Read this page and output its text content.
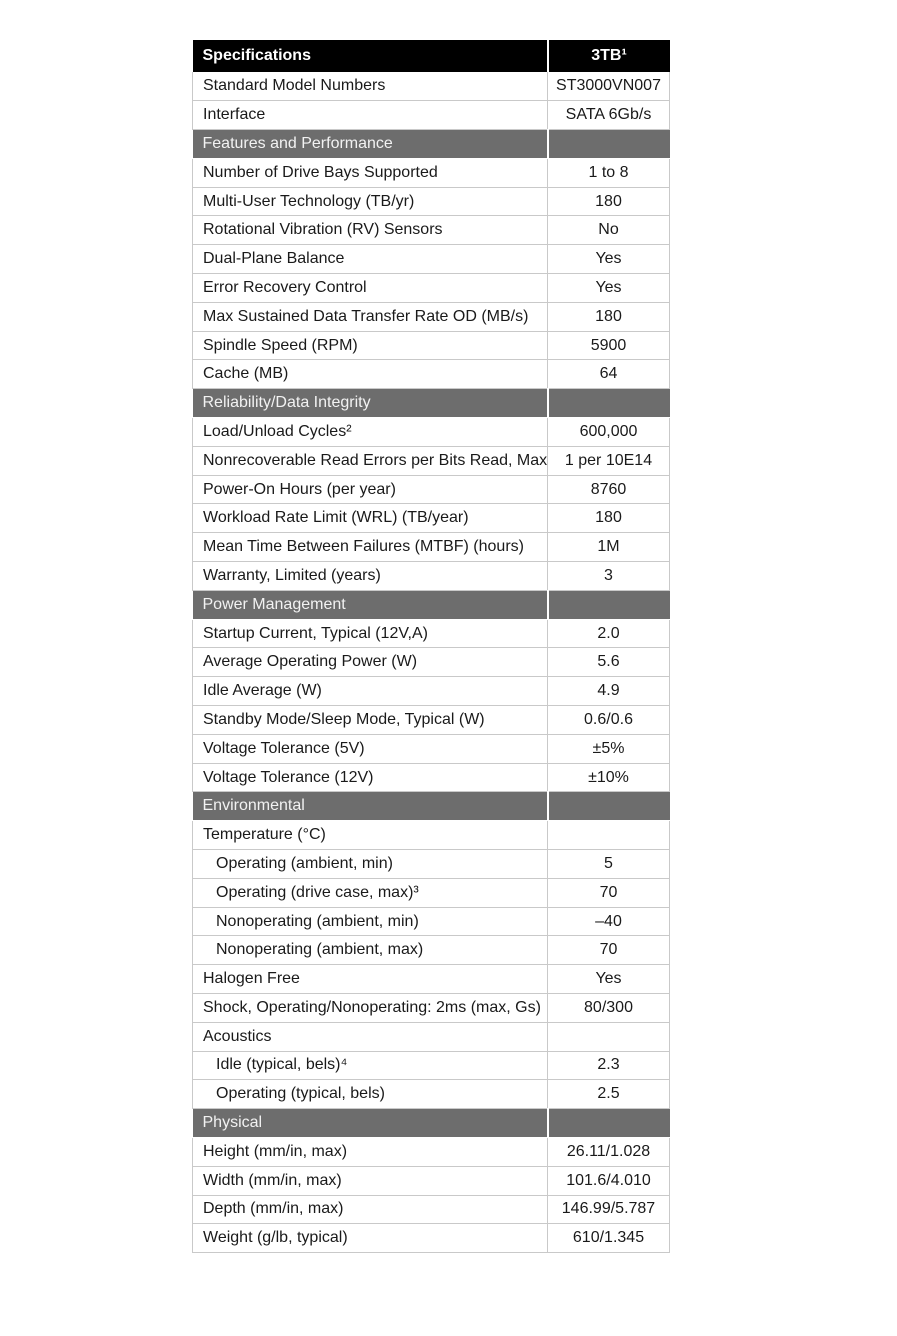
Specifications	3TB¹
Standard Model Numbers	ST3000VN007
Interface	SATA 6Gb/s
Features and Performance	
Number of Drive Bays Supported	1 to 8
Multi-User Technology (TB/yr)	180
Rotational Vibration (RV) Sensors	No
Dual-Plane Balance	Yes
Error Recovery Control	Yes
Max Sustained Data Transfer Rate OD (MB/s)	180
Spindle Speed (RPM)	5900
Cache (MB)	64
Reliability/Data Integrity	
Load/Unload Cycles²	600,000
Nonrecoverable Read Errors per Bits Read, Max	1 per 10E14
Power-On Hours (per year)	8760
Workload Rate Limit (WRL) (TB/year)	180
Mean Time Between Failures (MTBF) (hours)	1M
Warranty, Limited (years)	3
Power Management	
Startup Current, Typical (12V,A)	2.0
Average Operating Power (W)	5.6
Idle Average (W)	4.9
Standby Mode/Sleep Mode, Typical (W)	0.6/0.6
Voltage Tolerance (5V)	±5%
Voltage Tolerance (12V)	±10%
Environmental	
Temperature (°C)	
Operating (ambient, min)	5
Operating (drive case, max)³	70
Nonoperating (ambient, min)	–40
Nonoperating (ambient, max)	70
Halogen Free	Yes
Shock, Operating/Nonoperating: 2ms (max, Gs)	80/300
Acoustics	
Idle (typical, bels)⁴	2.3
Operating (typical, bels)	2.5
Physical	
Height (mm/in, max)	26.11/1.028
Width (mm/in, max)	101.6/4.010
Depth (mm/in, max)	146.99/5.787
Weight (g/lb, typical)	610/1.345
